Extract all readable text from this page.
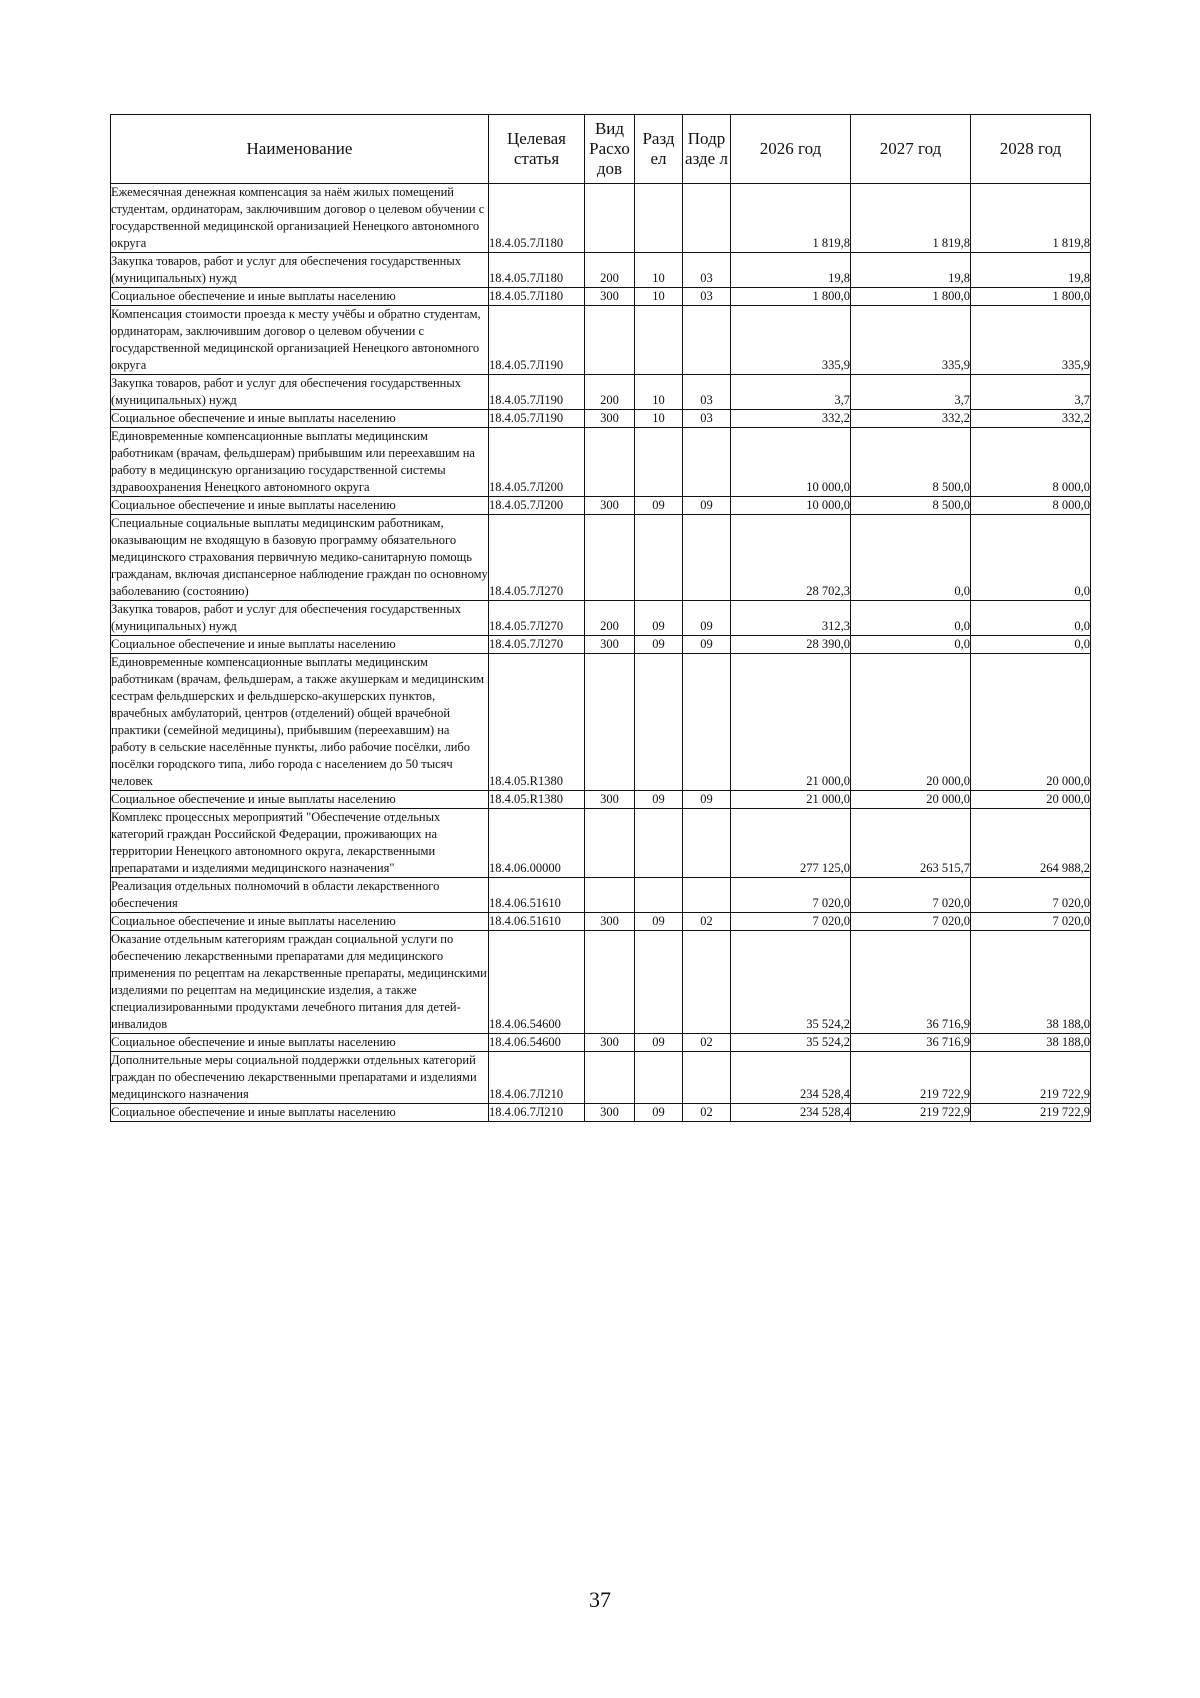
Наименование	Целевая статья	Вид Расхо дов	Разд ел	Подр азде л	2026 год	2027 год	2028 год
Ежемесячная денежная компенсация за наём жилых помещений студентам, ординаторам, заключившим договор о целевом обучении с государственной медицинской организацией Ненецкого автономного округа	18.4.05.7Л180				1 819,8	1 819,8	1 819,8
Закупка товаров, работ и услуг для обеспечения государственных (муниципальных) нужд	18.4.05.7Л180	200	10	03	19,8	19,8	19,8
Социальное обеспечение и иные выплаты населению	18.4.05.7Л180	300	10	03	1 800,0	1 800,0	1 800,0
Компенсация стоимости проезда к месту учёбы и обратно студентам, ординаторам, заключившим договор о целевом обучении с государственной медицинской организацией Ненецкого автономного округа	18.4.05.7Л190				335,9	335,9	335,9
Закупка товаров, работ и услуг для обеспечения государственных (муниципальных) нужд	18.4.05.7Л190	200	10	03	3,7	3,7	3,7
Социальное обеспечение и иные выплаты населению	18.4.05.7Л190	300	10	03	332,2	332,2	332,2
Единовременные компенсационные выплаты медицинским работникам (врачам, фельдшерам) прибывшим или переехавшим на работу в медицинскую организацию государственной системы здравоохранения Ненецкого автономного округа	18.4.05.7Л200				10 000,0	8 500,0	8 000,0
Социальное обеспечение и иные выплаты населению	18.4.05.7Л200	300	09	09	10 000,0	8 500,0	8 000,0
Специальные социальные выплаты медицинским работникам, оказывающим не входящую в базовую программу обязательного медицинского страхования первичную медико-санитарную помощь гражданам, включая диспансерное наблюдение граждан по основному заболеванию (состоянию)	18.4.05.7Л270				28 702,3	0,0	0,0
Закупка товаров, работ и услуг для обеспечения государственных (муниципальных) нужд	18.4.05.7Л270	200	09	09	312,3	0,0	0,0
Социальное обеспечение и иные выплаты населению	18.4.05.7Л270	300	09	09	28 390,0	0,0	0,0
Единовременные компенсационные выплаты медицинским работникам (врачам, фельдшерам, а также акушеркам и медицинским сестрам фельдшерских и фельдшерско-акушерских пунктов, врачебных амбулаторий, центров (отделений) общей врачебной практики (семейной медицины), прибывшим (переехавшим) на работу в сельские населённые пункты, либо рабочие посёлки, либо посёлки городского типа, либо города с населением до 50 тысяч человек	18.4.05.R1380				21 000,0	20 000,0	20 000,0
Социальное обеспечение и иные выплаты населению	18.4.05.R1380	300	09	09	21 000,0	20 000,0	20 000,0
Комплекс процессных мероприятий "Обеспечение отдельных категорий граждан Российской Федерации, проживающих на территории Ненецкого автономного округа, лекарственными препаратами и изделиями медицинского назначения"	18.4.06.00000				277 125,0	263 515,7	264 988,2
Реализация отдельных полномочий в области лекарственного обеспечения	18.4.06.51610				7 020,0	7 020,0	7 020,0
Социальное обеспечение и иные выплаты населению	18.4.06.51610	300	09	02	7 020,0	7 020,0	7 020,0
Оказание отдельным категориям граждан социальной услуги по обеспечению лекарственными препаратами для медицинского применения по рецептам на лекарственные препараты, медицинскими изделиями по рецептам на медицинские изделия, а также специализированными продуктами лечебного питания для детей-инвалидов	18.4.06.54600				35 524,2	36 716,9	38 188,0
Социальное обеспечение и иные выплаты населению	18.4.06.54600	300	09	02	35 524,2	36 716,9	38 188,0
Дополнительные меры социальной поддержки отдельных категорий граждан по обеспечению лекарственными препаратами и изделиями медицинского назначения	18.4.06.7Л210				234 528,4	219 722,9	219 722,9
Социальное обеспечение и иные выплаты населению	18.4.06.7Л210	300	09	02	234 528,4	219 722,9	219 722,9
37
